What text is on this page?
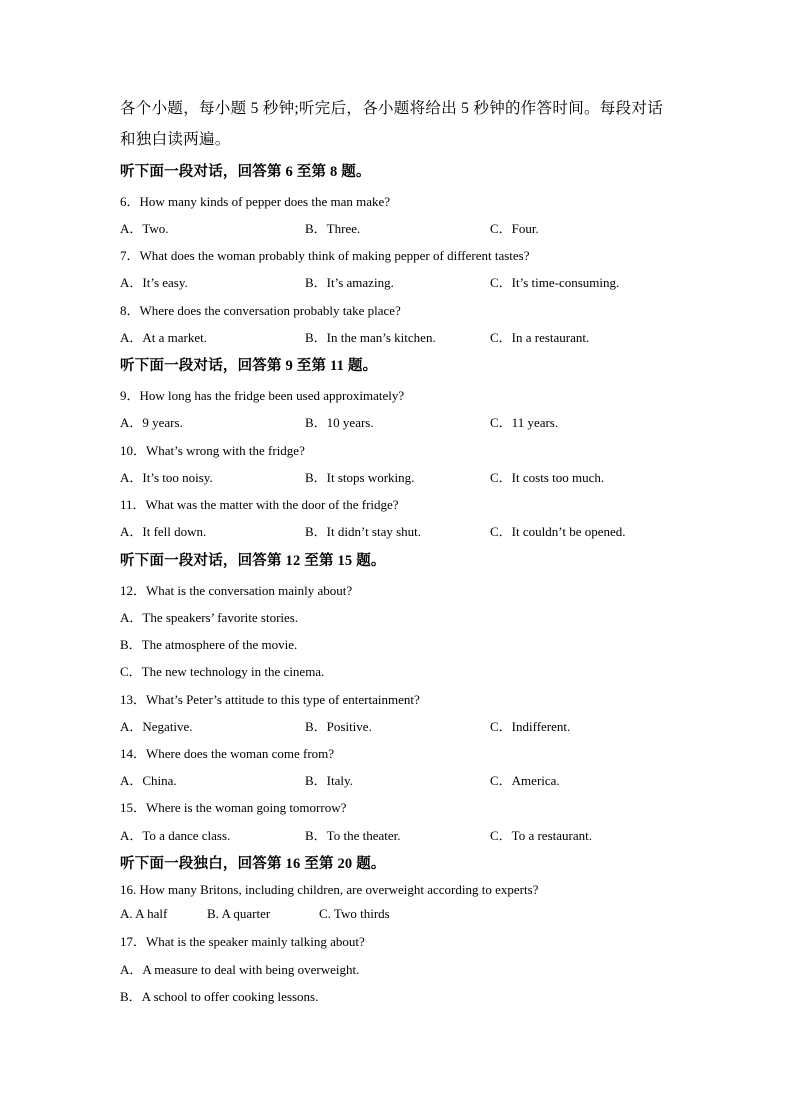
各个小题，每小题 5 秒钟;听完后，各小题将给出 5 秒钟的作答时间。每段对话
和独白读两遍。
听下面一段对话，回答第 6 至第 8 题。
6．How many kinds of pepper does the man make?
A．Two.	B．Three.	C．Four.
7．What does the woman probably think of making pepper of different tastes?
A．It’s easy.	B．It’s amazing.	C．It’s time-consuming.
8．Where does the conversation probably take place?
A．At a market.	B．In the man’s kitchen.	C．In a restaurant.
听下面一段对话，回答第 9 至第 11 题。
9．How long has the fridge been used approximately?
A．9 years.	B．10 years.	C．11 years.
10．What’s wrong with the fridge?
A．It’s too noisy.	B．It stops working.	C．It costs too much.
11．What was the matter with the door of the fridge?
A．It fell down.	B．It didn’t stay shut.	C．It couldn’t be opened.
听下面一段对话，回答第 12 至第 15 题。
12．What is the conversation mainly about?
A．The speakers’ favorite stories.
B．The atmosphere of the movie.
C．The new technology in the cinema.
13．What’s Peter’s attitude to this type of entertainment?
A．Negative.	B．Positive.	C．Indifferent.
14．Where does the woman come from?
A．China.	B．Italy.	C．America.
15．Where is the woman going tomorrow?
A．To a dance class.	B．To the theater.	C．To a restaurant.
听下面一段独白，回答第 16 至第 20 题。
16. How many Britons, including children, are overweight according to experts?
A. A half	B. A quarter	C. Two thirds
17．What is the speaker mainly talking about?
A．A measure to deal with being overweight.
B．A school to offer cooking lessons.
